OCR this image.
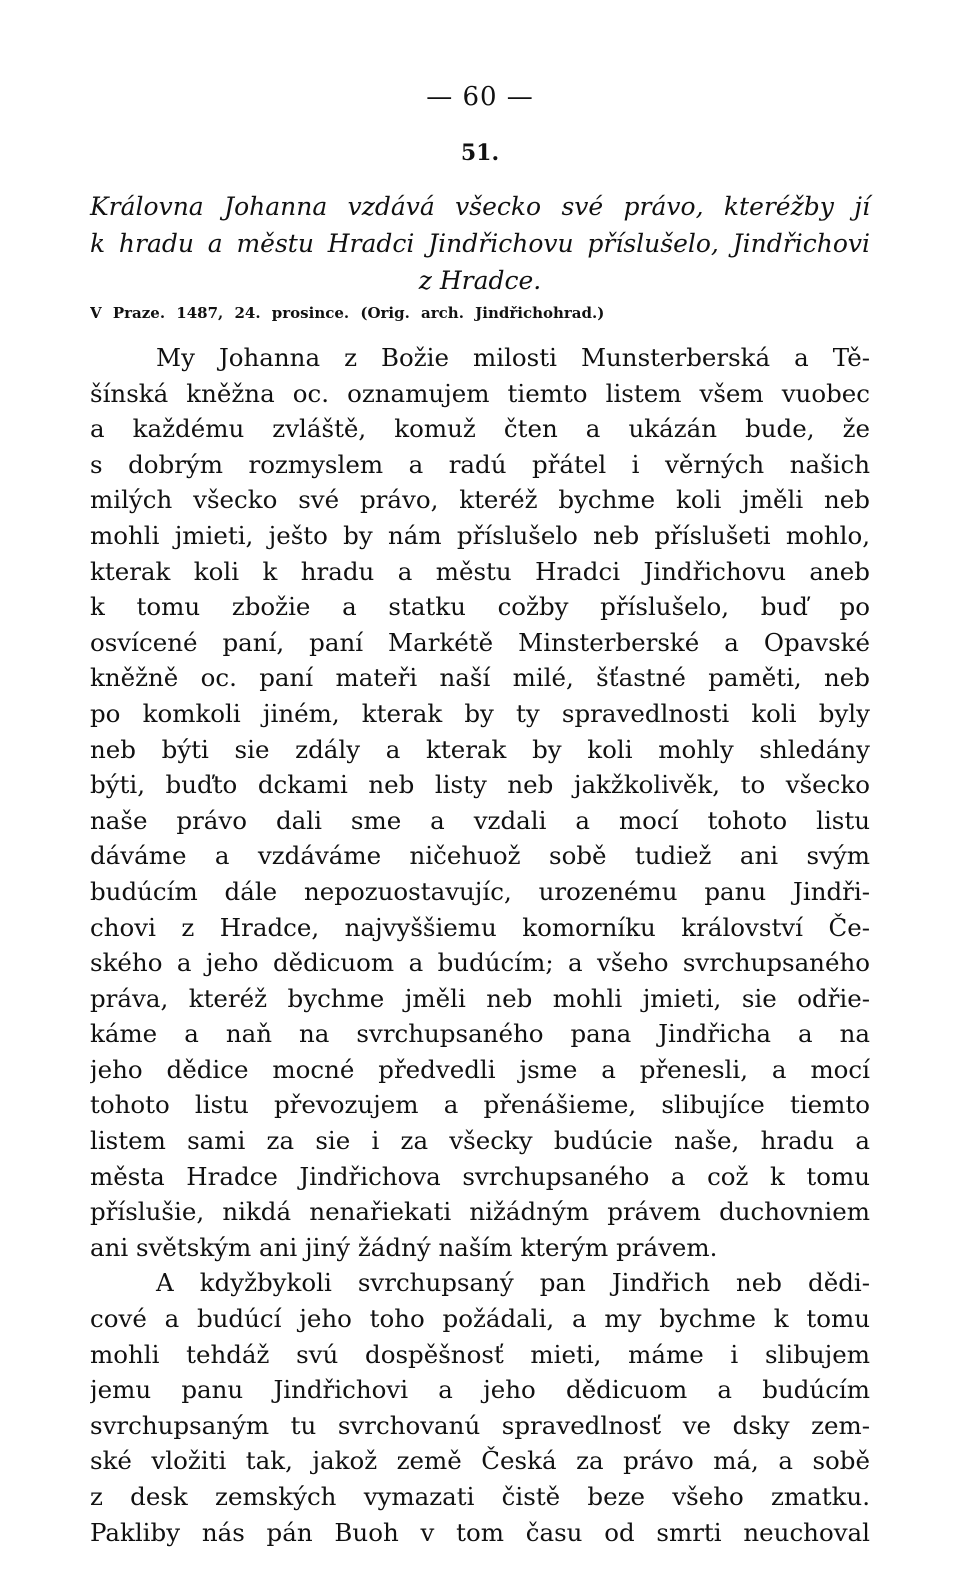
— 60 —
51.
Královna Johanna vzdává všecko své právo, kteréžby jí
k hradu a městu Hradci Jindřichovu příslušelo, Jindřichovi
z Hradce.
V Praze. 1487, 24. prosince. (Orig. arch. Jindřichohrad.)
My Johanna z Božie milosti Munsterberská a Tě-
šínská kněžna oc. oznamujem tiemto listem všem vuobec
a každému zvláště, komuž čten a ukázán bude, že
s dobrým rozmyslem a radú přátel i věrných našich
milých všecko své právo, kteréž bychme koli jměli neb
mohli jmieti, ješto by nám příslušelo neb příslušeti mohlo,
kterak koli k hradu a městu Hradci Jindřichovu aneb
k tomu zbožie a statku cožby příslušelo, buď po
osvícené paní, paní Markétě Minsterberské a Opavské
kněžně oc. paní mateři naší milé, šťastné paměti, neb
po komkoli jiném, kterak by ty spravedlnosti koli byly
neb býti sie zdály a kterak by koli mohly shledány
býti, buďto dckami neb listy neb jakžkolivěk, to všecko
naše právo dali sme a vzdali a mocí tohoto listu
dáváme a vzdáváme ničehuož sobě tudiež ani svým
budúcím dále nepozuostavujíc, urozenému panu Jindři-
chovi z Hradce, najvyššiemu komorníku království Če-
ského a jeho dědicuom a budúcím; a všeho svrchupsaného
práva, kteréž bychme jměli neb mohli jmieti, sie odřie-
káme a naň na svrchupsaného pana Jindřicha a na
jeho dědice mocné předvedli jsme a přenesli, a mocí
tohoto listu převozujem a přenášieme, slibujíce tiemto
listem sami za sie i za všecky budúcie naše, hradu a
města Hradce Jindřichova svrchupsaného a což k tomu
příslušie, nikdá nenařiekati nižádným právem duchovniem
ani světským ani jiný žádný naším kterým právem.
A kdyžbykoli svrchupsaný pan Jindřich neb dědi-
cové a budúcí jeho toho požádali, a my bychme k tomu
mohli tehdáž svú dospěšnosť mieti, máme i slibujem
jemu panu Jindřichovi a jeho dědicuom a budúcím
svrchupsaným tu svrchovanú spravedlnosť ve dsky zem-
ské vložiti tak, jakož země Česká za právo má, a sobě
z desk zemských vymazati čistě beze všeho zmatku.
Pakliby nás pán Buoh v tom času od smrti neuchoval
